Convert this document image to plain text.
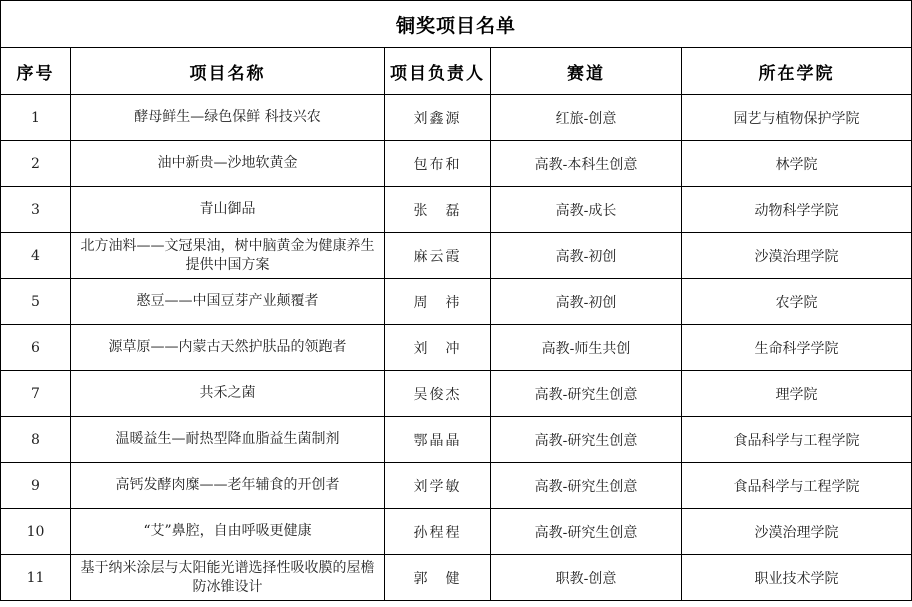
铜奖项目名单				
序号	项目名称	项目负责人	赛道	所在学院
1	酵母鲜生—绿色保鲜 科技兴农	刘鑫源	红旅-创意	园艺与植物保护学院
2	油中新贵—沙地软黄金	包布和	高教-本科生创意	林学院
3	青山御品	张　磊	高教-成长	动物科学学院
4	北方油料——文冠果油，树中脑黄金为健康养生提供中国方案	麻云霞	高教-初创	沙漠治理学院
5	憨豆——中国豆芽产业颠覆者	周　祎	高教-初创	农学院
6	源草原——内蒙古天然护肤品的领跑者	刘　冲	高教-师生共创	生命科学学院
7	共禾之菌	吴俊杰	高教-研究生创意	理学院
8	温暖益生—耐热型降血脂益生菌制剂	鄂晶晶	高教-研究生创意	食品科学与工程学院
9	高钙发酵肉糜——老年辅食的开创者	刘学敏	高教-研究生创意	食品科学与工程学院
10	“艾”鼻腔，自由呼吸更健康	孙程程	高教-研究生创意	沙漠治理学院
11	基于纳米涂层与太阳能光谱选择性吸收膜的屋檐防冰锥设计	郭　健	职教-创意	职业技术学院
